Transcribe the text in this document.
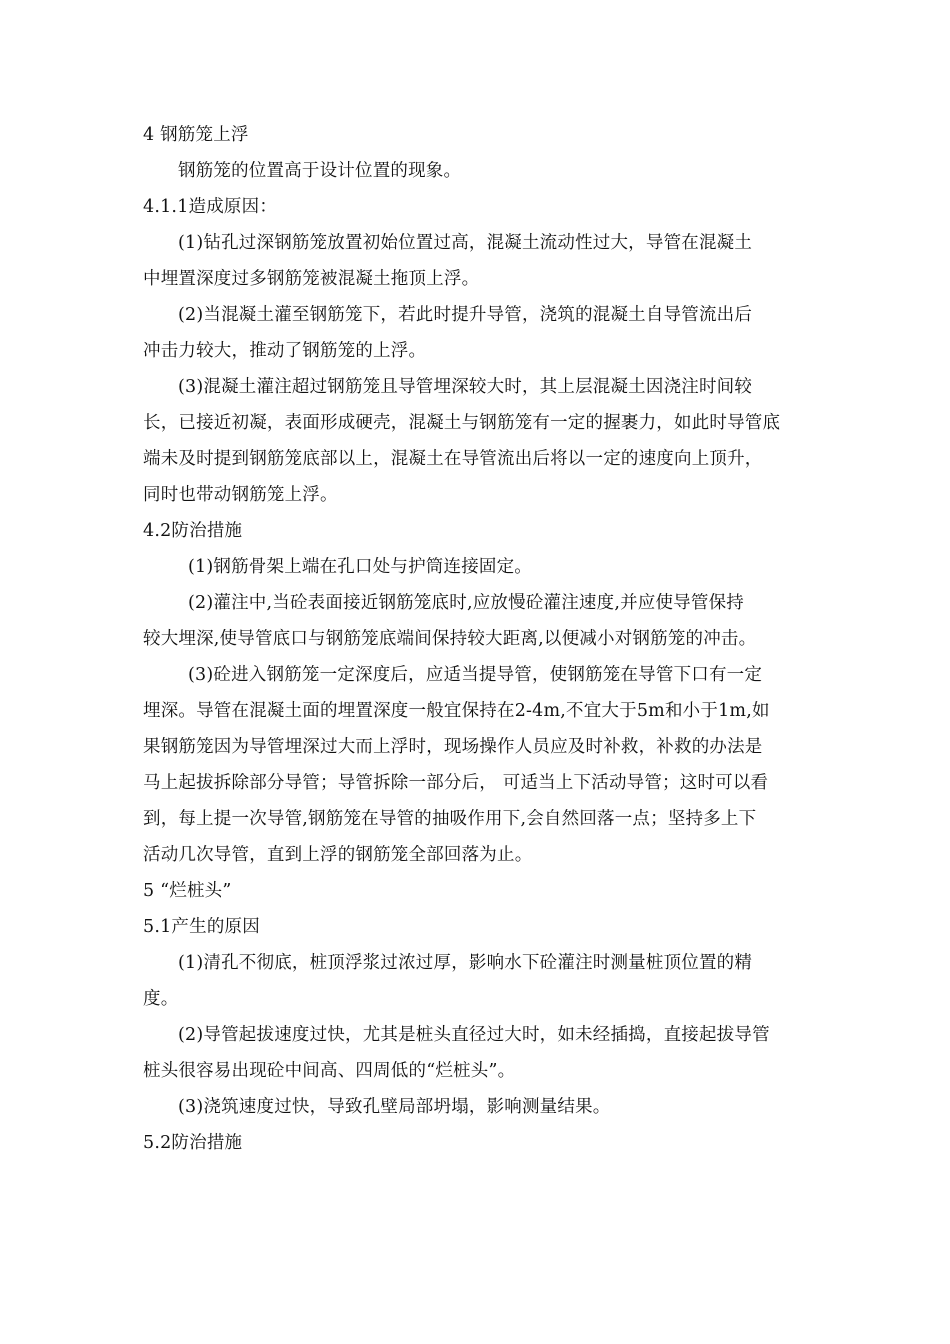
4 钢筋笼上浮

钢筋笼的位置高于设计位置的现象。

4.1.1造成原因：

(1)钻孔过深钢筋笼放置初始位置过高，混凝土流动性过大，导管在混凝土

中埋置深度过多钢筋笼被混凝土拖顶上浮。

(2)当混凝土灌至钢筋笼下，若此时提升导管，浇筑的混凝土自导管流出后

冲击力较大，推动了钢筋笼的上浮。

(3)混凝土灌注超过钢筋笼且导管埋深较大时，其上层混凝土因浇注时间较

长，已接近初凝，表面形成硬壳，混凝土与钢筋笼有一定的握裹力，如此时导管底

端未及时提到钢筋笼底部以上，混凝土在导管流出后将以一定的速度向上顶升，

同时也带动钢筋笼上浮。

4.2防治措施

(1)钢筋骨架上端在孔口处与护筒连接固定。

(2)灌注中,当砼表面接近钢筋笼底时,应放慢砼灌注速度,并应使导管保持

较大埋深,使导管底口与钢筋笼底端间保持较大距离,以便减小对钢筋笼的冲击。

(3)砼进入钢筋笼一定深度后，应适当提导管，使钢筋笼在导管下口有一定

埋深。导管在混凝土面的埋置深度一般宜保持在2-4m,不宜大于5m和小于1m,如

果钢筋笼因为导管埋深过大而上浮时，现场操作人员应及时补救，补救的办法是

马上起拔拆除部分导管；导管拆除一部分后， 可适当上下活动导管；这时可以看

到，每上提一次导管,钢筋笼在导管的抽吸作用下,会自然回落一点；坚持多上下

活动几次导管，直到上浮的钢筋笼全部回落为止。

5 “烂桩头”

5.1产生的原因

(1)清孔不彻底，桩顶浮浆过浓过厚，影响水下砼灌注时测量桩顶位置的精

度。

(2)导管起拔速度过快，尤其是桩头直径过大时，如未经插捣，直接起拔导管

桩头很容易出现砼中间高、四周低的“烂桩头”。

(3)浇筑速度过快，导致孔壁局部坍塌，影响测量结果。

5.2防治措施
